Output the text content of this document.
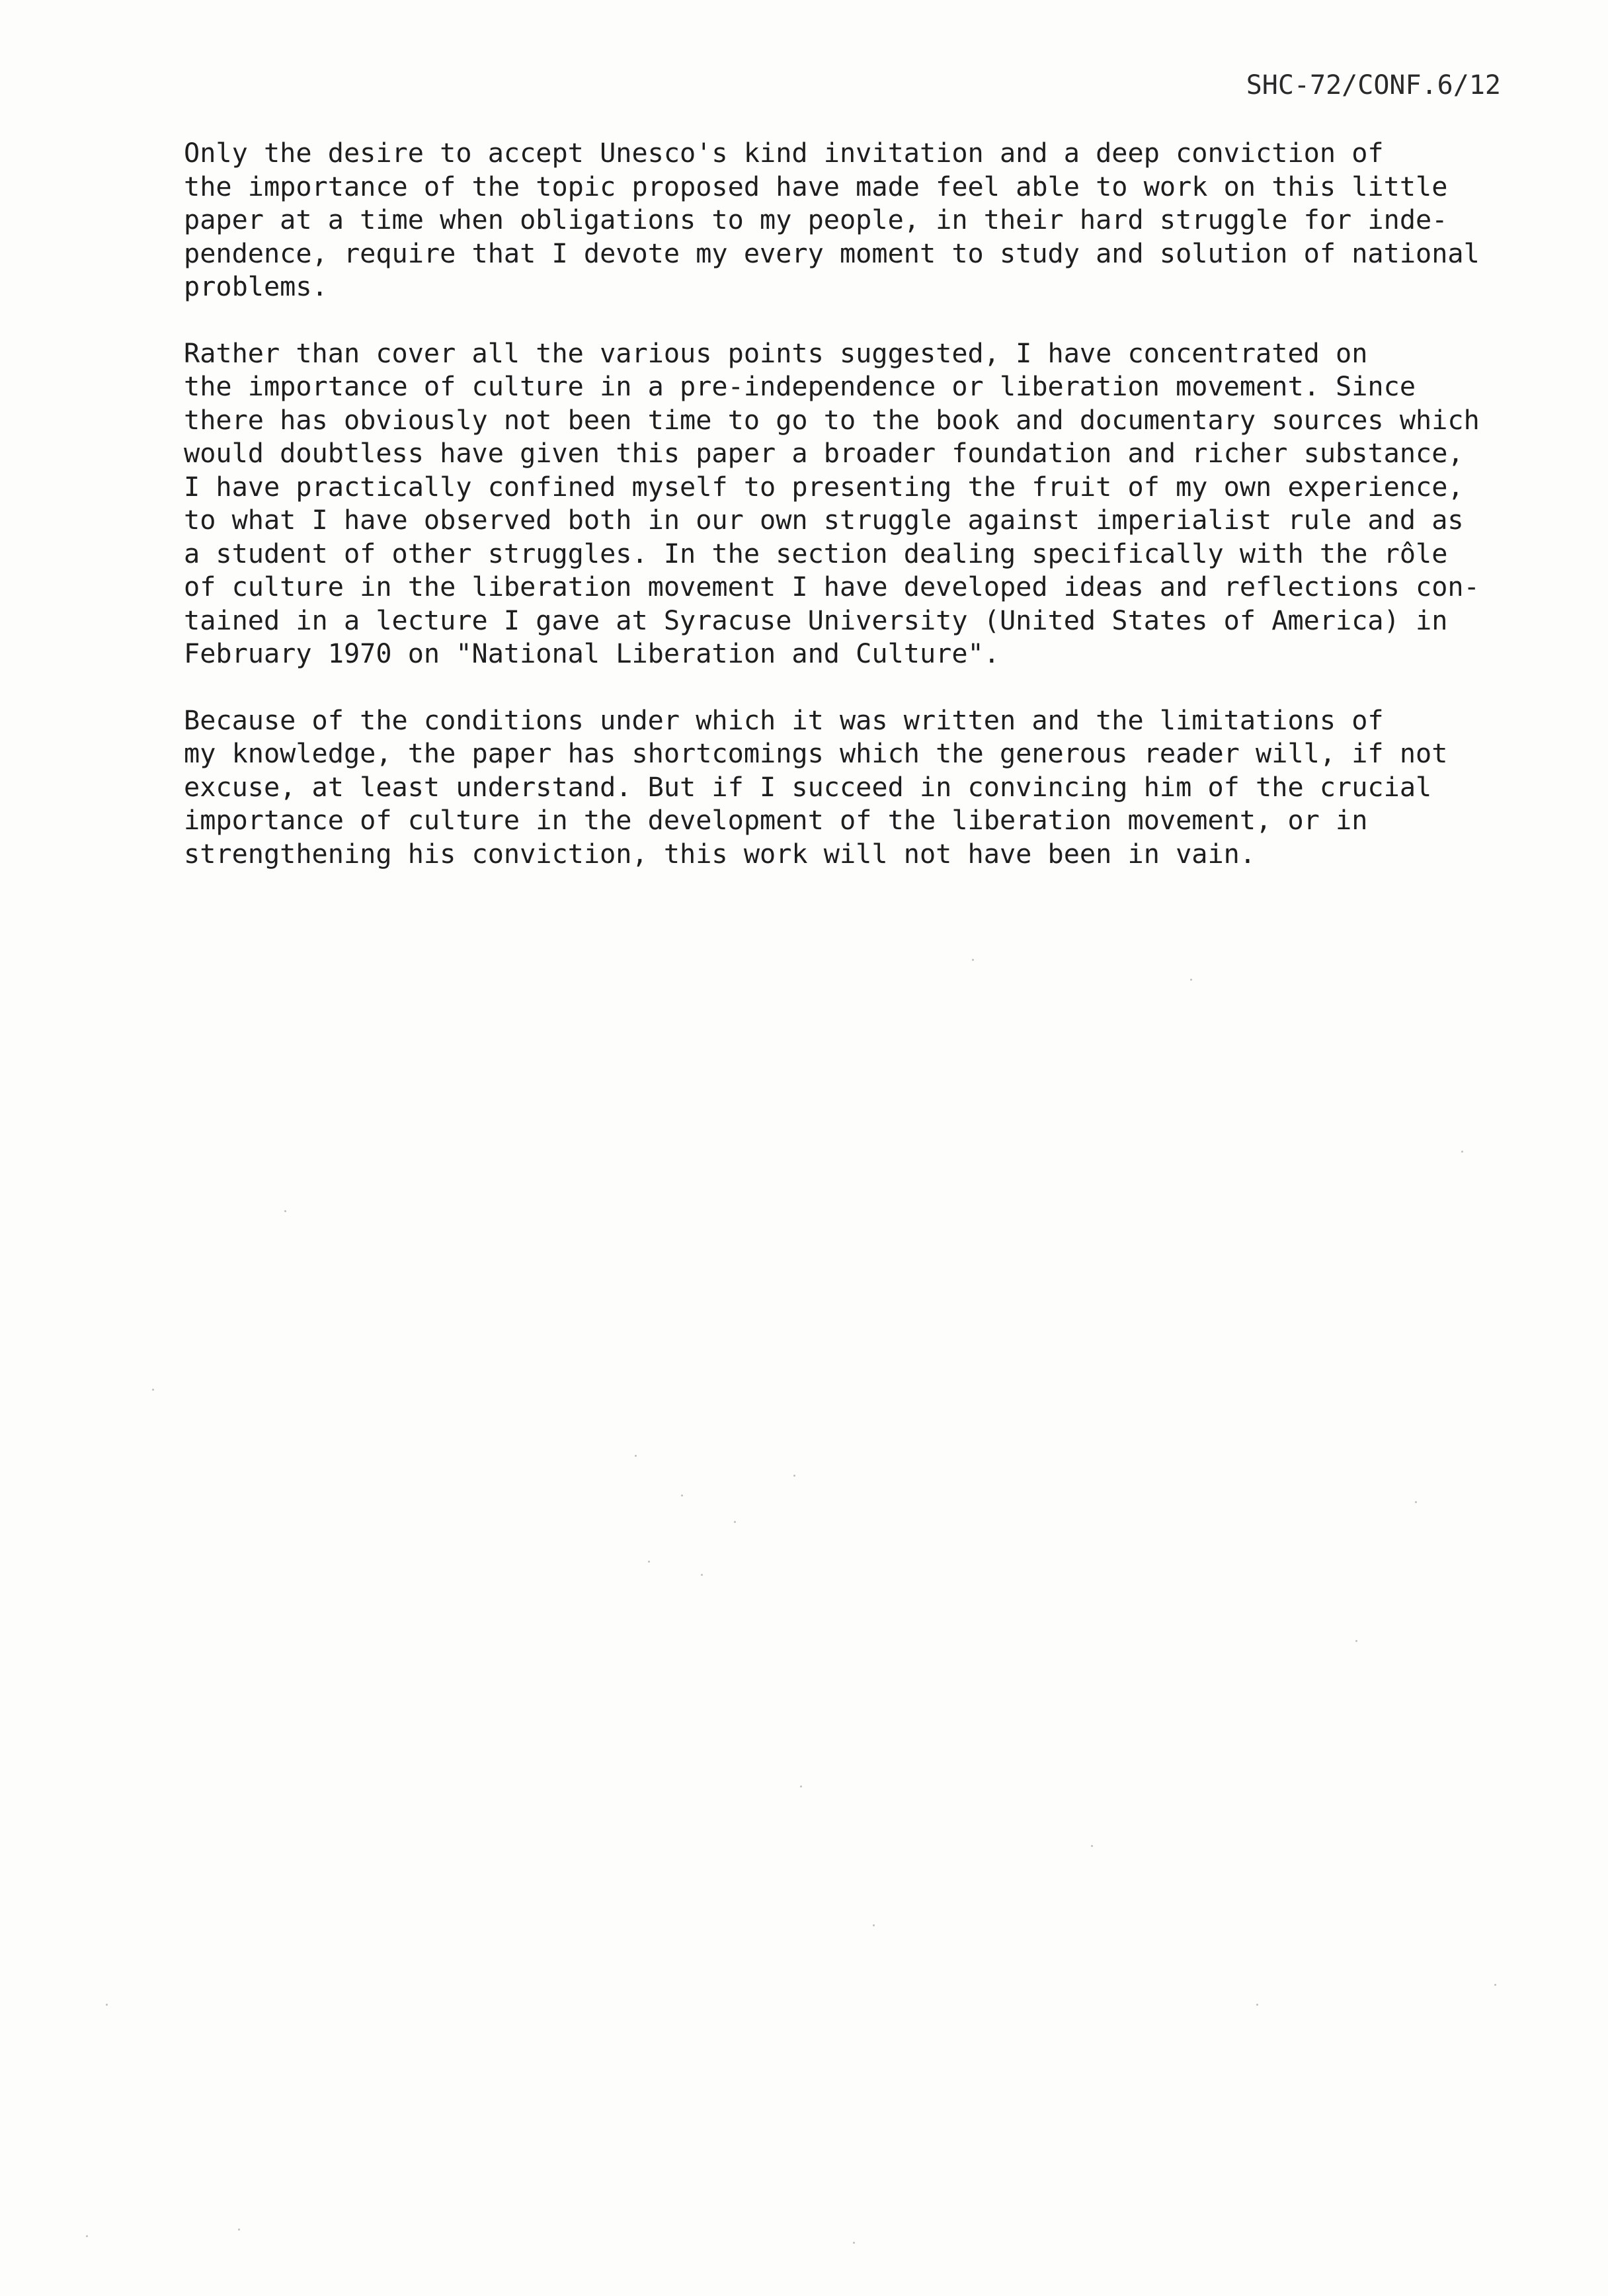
SHC-72/CONF.6/12

Only the desire to accept Unesco's kind invitation and a deep conviction of
the importance of the topic proposed have made feel able to work on this little
paper at a time when obligations to my people, in their hard struggle for inde-
pendence, require that I devote my every moment to study and solution of national
problems.

Rather than cover all the various points suggested, I have concentrated on
the importance of culture in a pre-independence or liberation movement. Since
there has obviously not been time to go to the book and documentary sources which
would doubtless have given this paper a broader foundation and richer substance,
I have practically confined myself to presenting the fruit of my own experience,
to what I have observed both in our own struggle against imperialist rule and as
a student of other struggles. In the section dealing specifically with the rôle
of culture in the liberation movement I have developed ideas and reflections con-
tained in a lecture I gave at Syracuse University (United States of America) in
February 1970 on "National Liberation and Culture".

Because of the conditions under which it was written and the limitations of
my knowledge, the paper has shortcomings which the generous reader will, if not
excuse, at least understand. But if I succeed in convincing him of the crucial
importance of culture in the development of the liberation movement, or in
strengthening his conviction, this work will not have been in vain.
